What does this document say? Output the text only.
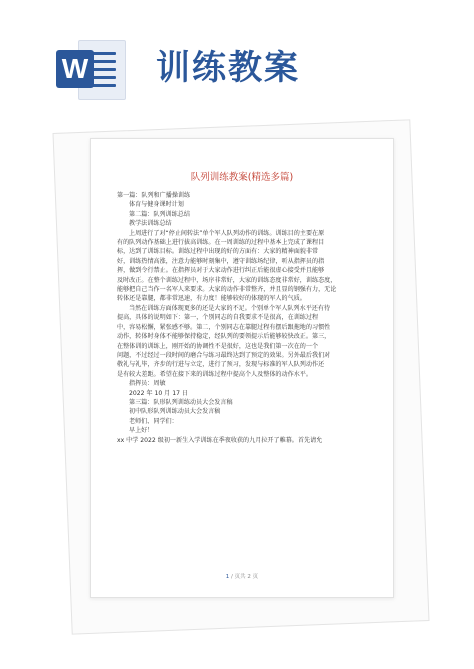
W 训练教案
队列训练教案(精选多篇)
第一篇：队列和广播操训练
体育与健身课时计划
第二篇：队列训练总结
教学法训练总结
上周进行了对“停止间转法”单个军人队列动作的训练。训练目的主要在原
有的队列动作基础上进行拔高训练。在一周训练的过程中基本上完成了课程目
标，达到了训练目标。训练过程中出现的好的方面有：大家的精神面貌非常
好，训练热情高涨，注意力能够时刻集中，遵守训练场纪律，听从指挥员的指
挥，做到令行禁止。在指挥员对于大家动作进行纠正后能很虚心接受并且能够
及时改正。在整个训练过程中，场序非常好，大家的训练态度非常好，训练态度，
能够把自己当作一名军人来要求。大家的动作非常整齐，并且显的钢强有力，无论
转体还是靠腿，都非常迅速，有力度！能够较好的体现的军人的气质。
当然在训练方面体现更多的还是大家的不足。个别单个军人队列水平还有待
提高，具体的说明如下：第一，个别同志的自我要求不是很高，在训练过程
中，容易松懈，紧张感不够。第二，个别同志在靠腿过程有摆后跟拖地的习惯性
动作，转体时身体不能够保持稳定，经队列的要领提示后能够较快改正。第三，
在整体训的训练上，刚开始的协调性不是很好，这也是我们第一次在的一个
问题，不过经过一段时间的磨合与练习最终达到了预定的效果。另外最后我们对
敬礼与礼毕，齐步的行进与立定，进行了预习，发现与标准的军人队列动作还
是有较大差距。希望在接下来的训练过程中提高个人及整体的动作水平。
指挥员：周敏
2022 年 10 月 17 日
第三篇：队形队列训练动员大会发言稿
初中队形队列训练动员大会发言稿
老师们、同学们：
早上好！
xx 中学 2022 级初一新生入学训练在季夜收获的九月拉开了帷幕。首先请允
1 / 页共 2 页
